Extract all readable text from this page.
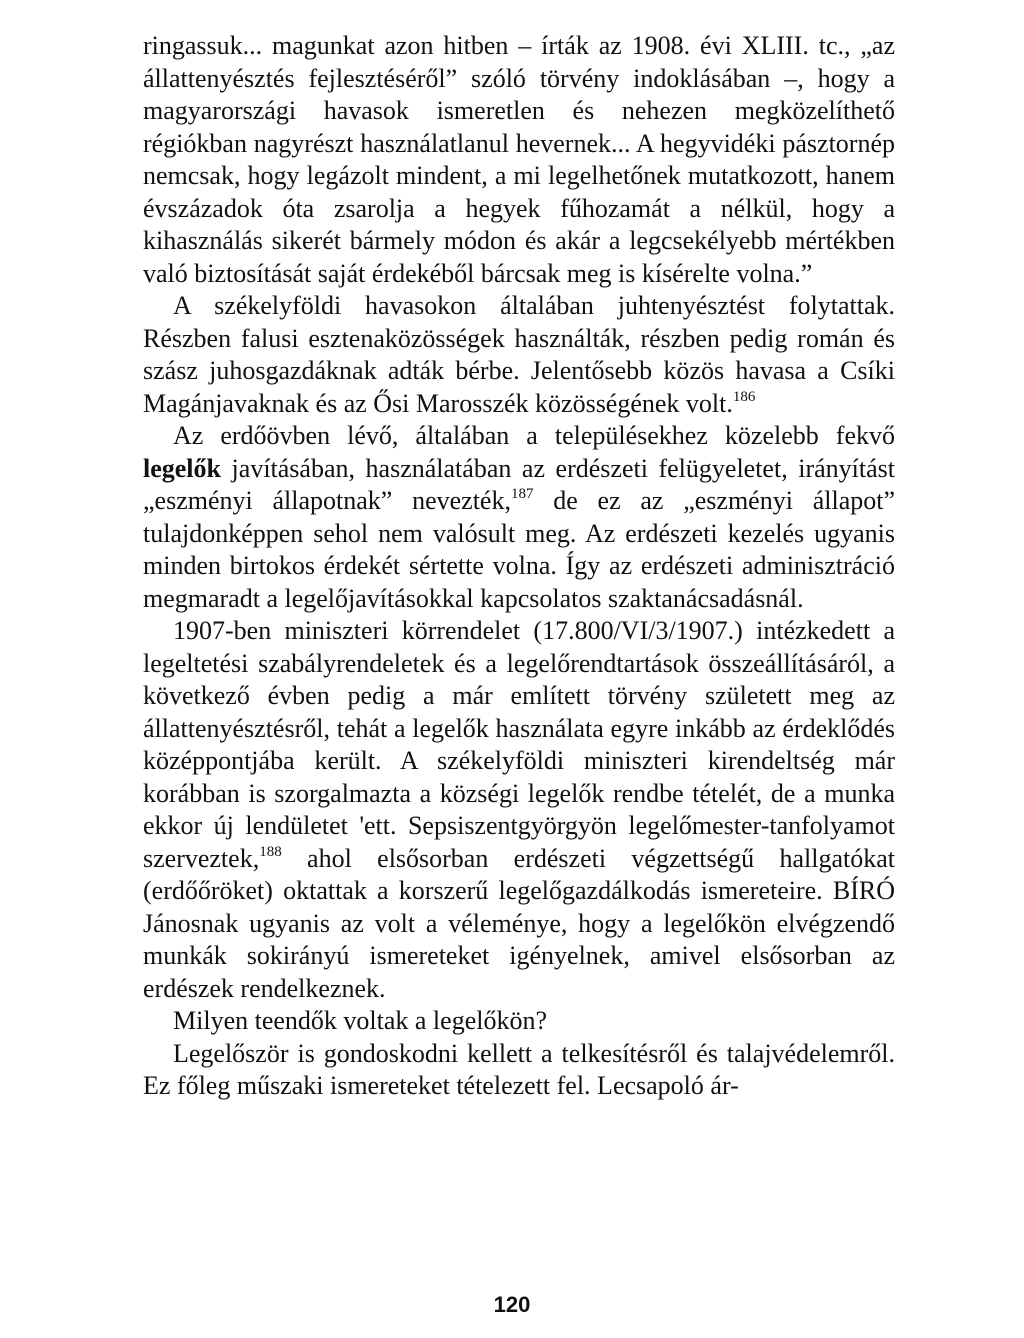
ringassuk... magunkat azon hitben – írták az 1908. évi XLIII. tc., „az állattenyésztés fejlesztéséről” szóló törvény indoklásában –, hogy a magyarországi havasok ismeretlen és nehezen megközelíthető régiókban nagyrészt használatlanul hevernek... A hegyvidéki pásztornép nemcsak, hogy legázolt mindent, a mi legelhetőnek mutatkozott, hanem évszázadok óta zsarolja a hegyek fűhozamát a nélkül, hogy a kihasználás sikerét bármely módon és akár a legcsekélyebb mértékben való biztosítását saját érdekéből bárcsak meg is kísérelte volna.”

A székelyföldi havasokon általában juhtenyésztést folytattak. Részben falusi esztenaközösségek használták, részben pedig román és szász juhosgazdáknak adták bérbe. Jelentősebb közös havasa a Csíki Magánjavaknak és az Ősi Marosszék közösségének volt.$^{186}$

Az erdőövben lévő, általában a településekhez közelebb fekvő legelők javításában, használatában az erdészeti felügyeletet, irányítást „eszményi állapotnak” nevezték,$^{187}$ de ez az „eszményi állapot” tulajdonképpen sehol nem valósult meg. Az erdészeti kezelés ugyanis minden birtokos érdekét sértette volna. Így az erdészeti adminisztráció megmaradt a legelőjavításokkal kapcsolatos szaktanácsadásnál.

1907-ben miniszteri körrendelet (17.800/VI/3/1907.) intézkedett a legeltetési szabályrendeletek és a legelőrendtartások összeállításáról, a következő évben pedig a már említett törvény született meg az állattenyésztésről, tehát a legelők használata egyre inkább az érdeklődés középpontjába került. A székelyföldi miniszteri kirendeltség már korábban is szorgalmazta a községi legelők rendbe tételét, de a munka ekkor új lendületet 'ett. Sepsiszentgyörgyön legelőmester-tanfolyamot szerveztek,$^{188}$ ahol elsősorban erdészeti végzettségű hallgatókat (erdőőröket) oktattak a korszerű legelőgazdálkodás ismereteire. BÍRÓ Jánosnak ugyanis az volt a véleménye, hogy a legelőkön elvégzendő munkák sokirányú ismereteket igényelnek, amivel elsősorban az erdészek rendelkeznek.

Milyen teendők voltak a legelőkön?

Legelőször is gondoskodni kellett a telkesítésről és talajvédelemről. Ez főleg műszaki ismereteket tételezett fel. Lecsapoló ár-

120
